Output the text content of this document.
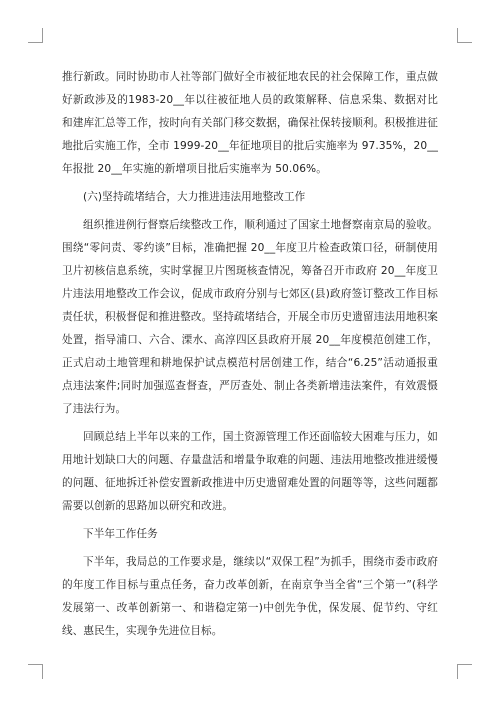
推行新政。同时协助市人社等部门做好全市被征地农民的社会保障工作，重点做好新政涉及的1983-20__年以往被征地人员的政策解释、信息采集、数据对比和建库汇总等工作，按时向有关部门移交数据，确保社保转接顺利。积极推进征地批后实施工作，全市 1999-20__年征地项目的批后实施率为 97.35%，20__年报批 20__年实施的新增项目批后实施率为 50.06%。

(六)坚持疏堵结合，大力推进违法用地整改工作

组织推进例行督察后续整改工作，顺利通过了国家土地督察南京局的验收。围绕“零问责、零约谈”目标，准确把握 20__年度卫片检查政策口径，研制使用卫片初核信息系统，实时掌握卫片图斑核查情况，筹备召开市政府 20__年度卫片违法用地整改工作会议，促成市政府分别与七郊区(县)政府签订整改工作目标责任状，积极督促和推进整改。坚持疏堵结合，开展全市历史遗留违法用地积案处置，指导浦口、六合、溧水、高淳四区县政府开展 20__年度模范创建工作，正式启动土地管理和耕地保护试点模范村居创建工作，结合“6.25”活动通报重点违法案件;同时加强巡查督查，严厉查处、制止各类新增违法案件，有效震慑了违法行为。

回顾总结上半年以来的工作，国土资源管理工作还面临较大困难与压力，如用地计划缺口大的问题、存量盘活和增量争取难的问题、违法用地整改推进缓慢的问题、征地拆迁补偿安置新政推进中历史遗留难处置的问题等等，这些问题都需要以创新的思路加以研究和改进。

下半年工作任务

下半年，我局总的工作要求是，继续以“双保工程”为抓手，围绕市委市政府的年度工作目标与重点任务，奋力改革创新，在南京争当全省“三个第一”(科学发展第一、改革创新第一、和谐稳定第一)中创先争优，保发展、促节约、守红线、惠民生，实现争先进位目标。
